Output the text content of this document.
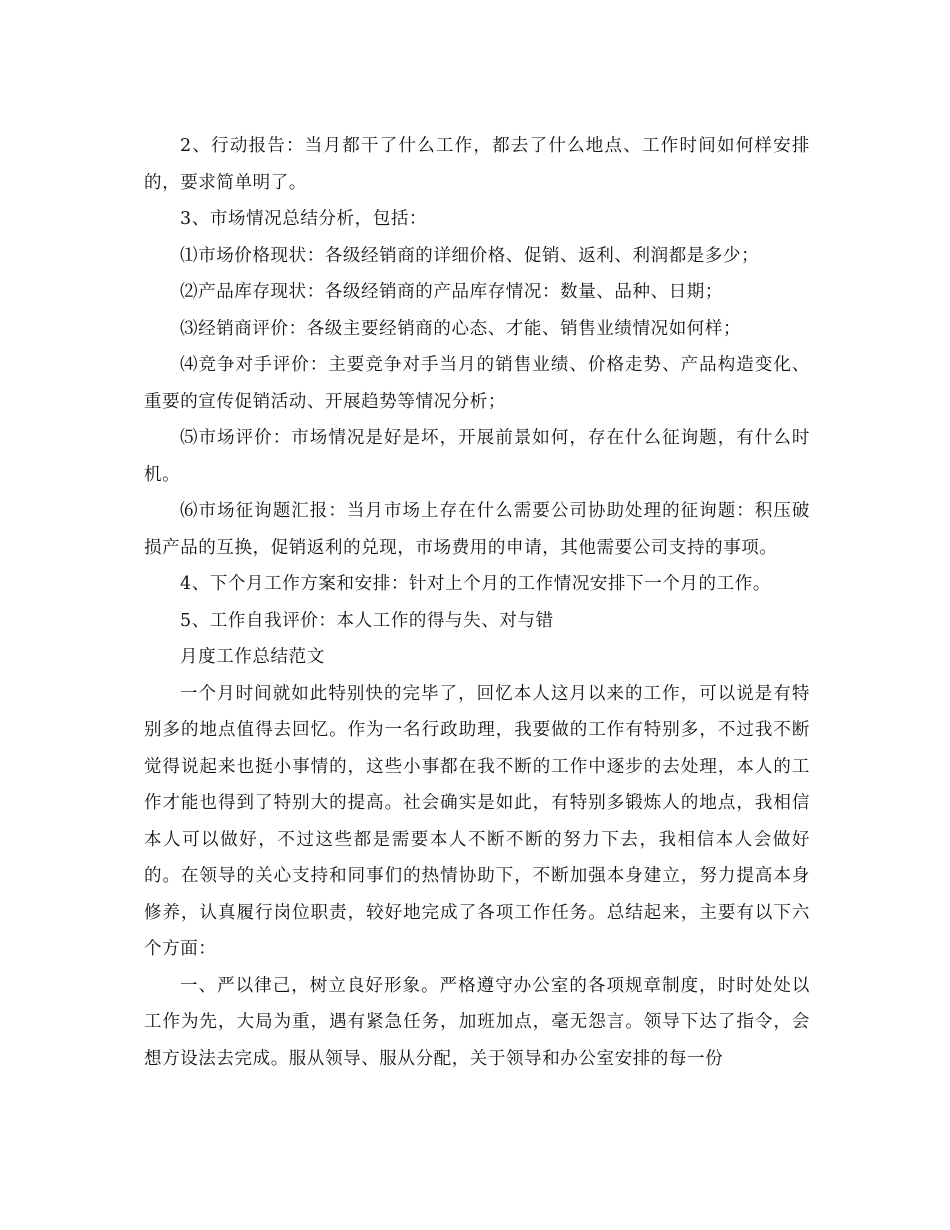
2、行动报告：当月都干了什么工作，都去了什么地点、工作时间如何样安排的，要求简单明了。

3、市场情况总结分析，包括：

⑴市场价格现状：各级经销商的详细价格、促销、返利、利润都是多少；

⑵产品库存现状：各级经销商的产品库存情况：数量、品种、日期；

⑶经销商评价：各级主要经销商的心态、才能、销售业绩情况如何样；

⑷竞争对手评价：主要竞争对手当月的销售业绩、价格走势、产品构造变化、重要的宣传促销活动、开展趋势等情况分析；

⑸市场评价：市场情况是好是坏，开展前景如何，存在什么征询题，有什么时机。

⑹市场征询题汇报：当月市场上存在什么需要公司协助处理的征询题：积压破损产品的互换，促销返利的兑现，市场费用的申请，其他需要公司支持的事项。

4、下个月工作方案和安排：针对上个月的工作情况安排下一个月的工作。

5、工作自我评价：本人工作的得与失、对与错

月度工作总结范文

一个月时间就如此特别快的完毕了，回忆本人这月以来的工作，可以说是有特别多的地点值得去回忆。作为一名行政助理，我要做的工作有特别多，不过我不断觉得说起来也挺小事情的，这些小事都在我不断的工作中逐步的去处理，本人的工作才能也得到了特别大的提高。社会确实是如此，有特别多锻炼人的地点，我相信本人可以做好，不过这些都是需要本人不断不断的努力下去，我相信本人会做好的。在领导的关心支持和同事们的热情协助下，不断加强本身建立，努力提高本身修养，认真履行岗位职责，较好地完成了各项工作任务。总结起来，主要有以下六个方面：

一、严以律己，树立良好形象。严格遵守办公室的各项规章制度，时时处处以工作为先，大局为重，遇有紧急任务，加班加点，毫无怨言。领导下达了指令，会想方设法去完成。服从领导、服从分配，关于领导和办公室安排的每一份
